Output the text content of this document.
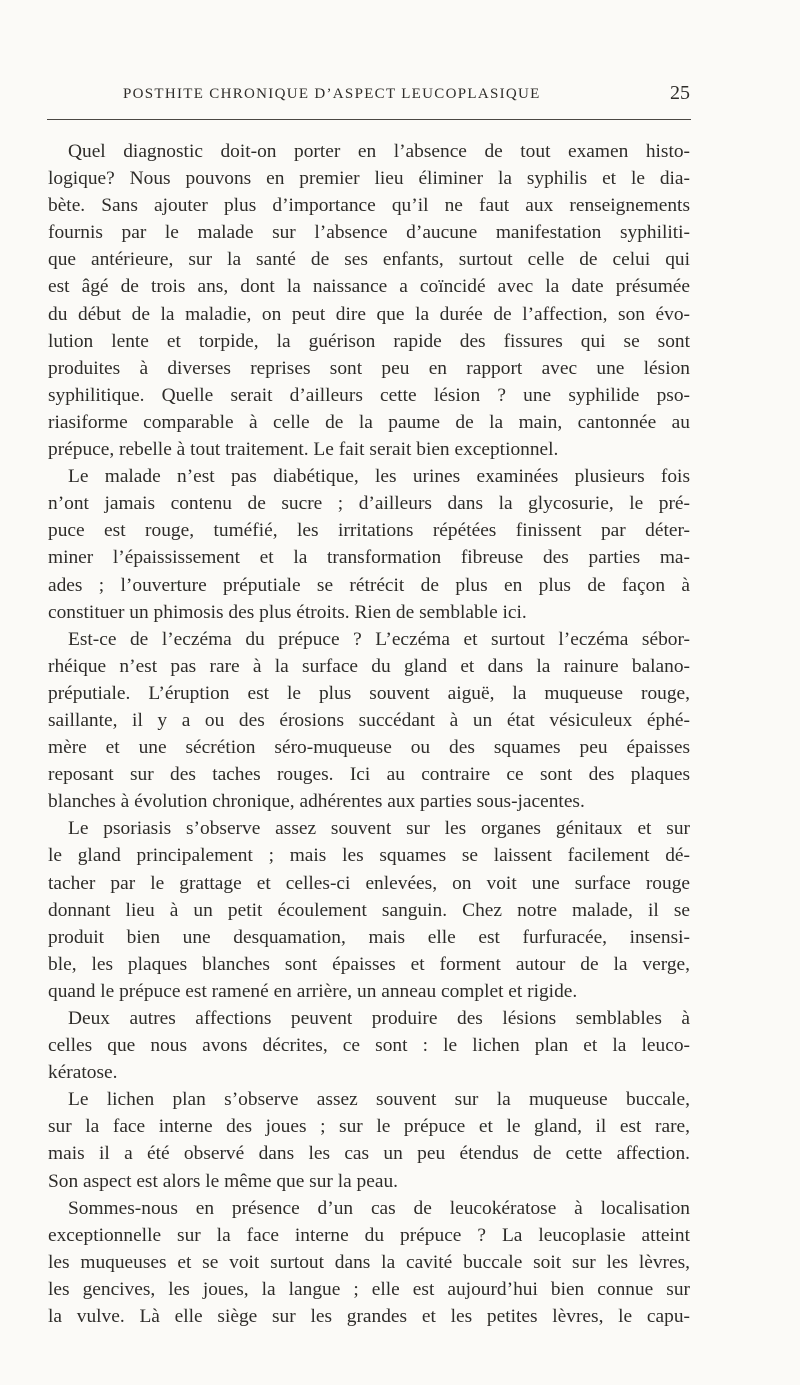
POSTHITE CHRONIQUE D’ASPECT LEUCOPLASIQUE	25
Quel diagnostic doit-on porter en l’absence de tout examen histo-
logique? Nous pouvons en premier lieu éliminer la syphilis et le dia-
bète. Sans ajouter plus d’importance qu’il ne faut aux renseignements
fournis par le malade sur l’absence d’aucune manifestation syphiliti-
que antérieure, sur la santé de ses enfants, surtout celle de celui qui
est âgé de trois ans, dont la naissance a coïncidé avec la date présumée
du début de la maladie, on peut dire que la durée de l’affection, son évo-
lution lente et torpide, la guérison rapide des fissures qui se sont
produites à diverses reprises sont peu en rapport avec une lésion
syphilitique. Quelle serait d’ailleurs cette lésion ? une syphilide pso-
riasiforme comparable à celle de la paume de la main, cantonnée au
prépuce, rebelle à tout traitement. Le fait serait bien exceptionnel.
Le malade n’est pas diabétique, les urines examinées plusieurs fois
n’ont jamais contenu de sucre ; d’ailleurs dans la glycosurie, le pré-
puce est rouge, tuméfié, les irritations répétées finissent par déter-
miner l’épaississement et la transformation fibreuse des parties ma-
ades ; l’ouverture préputiale se rétrécit de plus en plus de façon à
constituer un phimosis des plus étroits. Rien de semblable ici.
Est-ce de l’eczéma du prépuce ? L’eczéma et surtout l’eczéma sébor-
rhéique n’est pas rare à la surface du gland et dans la rainure balano-
préputiale. L’éruption est le plus souvent aiguë, la muqueuse rouge,
saillante, il y a ou des érosions succédant à un état vésiculeux éphé-
mère et une sécrétion séro-muqueuse ou des squames peu épaisses
reposant sur des taches rouges. Ici au contraire ce sont des plaques
blanches à évolution chronique, adhérentes aux parties sous-jacentes.
Le psoriasis s’observe assez souvent sur les organes génitaux et sur
le gland principalement ; mais les squames se laissent facilement dé-
tacher par le grattage et celles-ci enlevées, on voit une surface rouge
donnant lieu à un petit écoulement sanguin. Chez notre malade, il se
produit bien une desquamation, mais elle est furfuracée, insensi-
ble, les plaques blanches sont épaisses et forment autour de la verge,
quand le prépuce est ramené en arrière, un anneau complet et rigide.
Deux autres affections peuvent produire des lésions semblables à
celles que nous avons décrites, ce sont : le lichen plan et la leuco-
kératose.
Le lichen plan s’observe assez souvent sur la muqueuse buccale,
sur la face interne des joues ; sur le prépuce et le gland, il est rare,
mais il a été observé dans les cas un peu étendus de cette affection.
Son aspect est alors le même que sur la peau.
Sommes-nous en présence d’un cas de leucokératose à localisation
exceptionnelle sur la face interne du prépuce ? La leucoplasie atteint
les muqueuses et se voit surtout dans la cavité buccale soit sur les lèvres,
les gencives, les joues, la langue ; elle est aujourd’hui bien connue sur
la vulve. Là elle siège sur les grandes et les petites lèvres, le capu-
